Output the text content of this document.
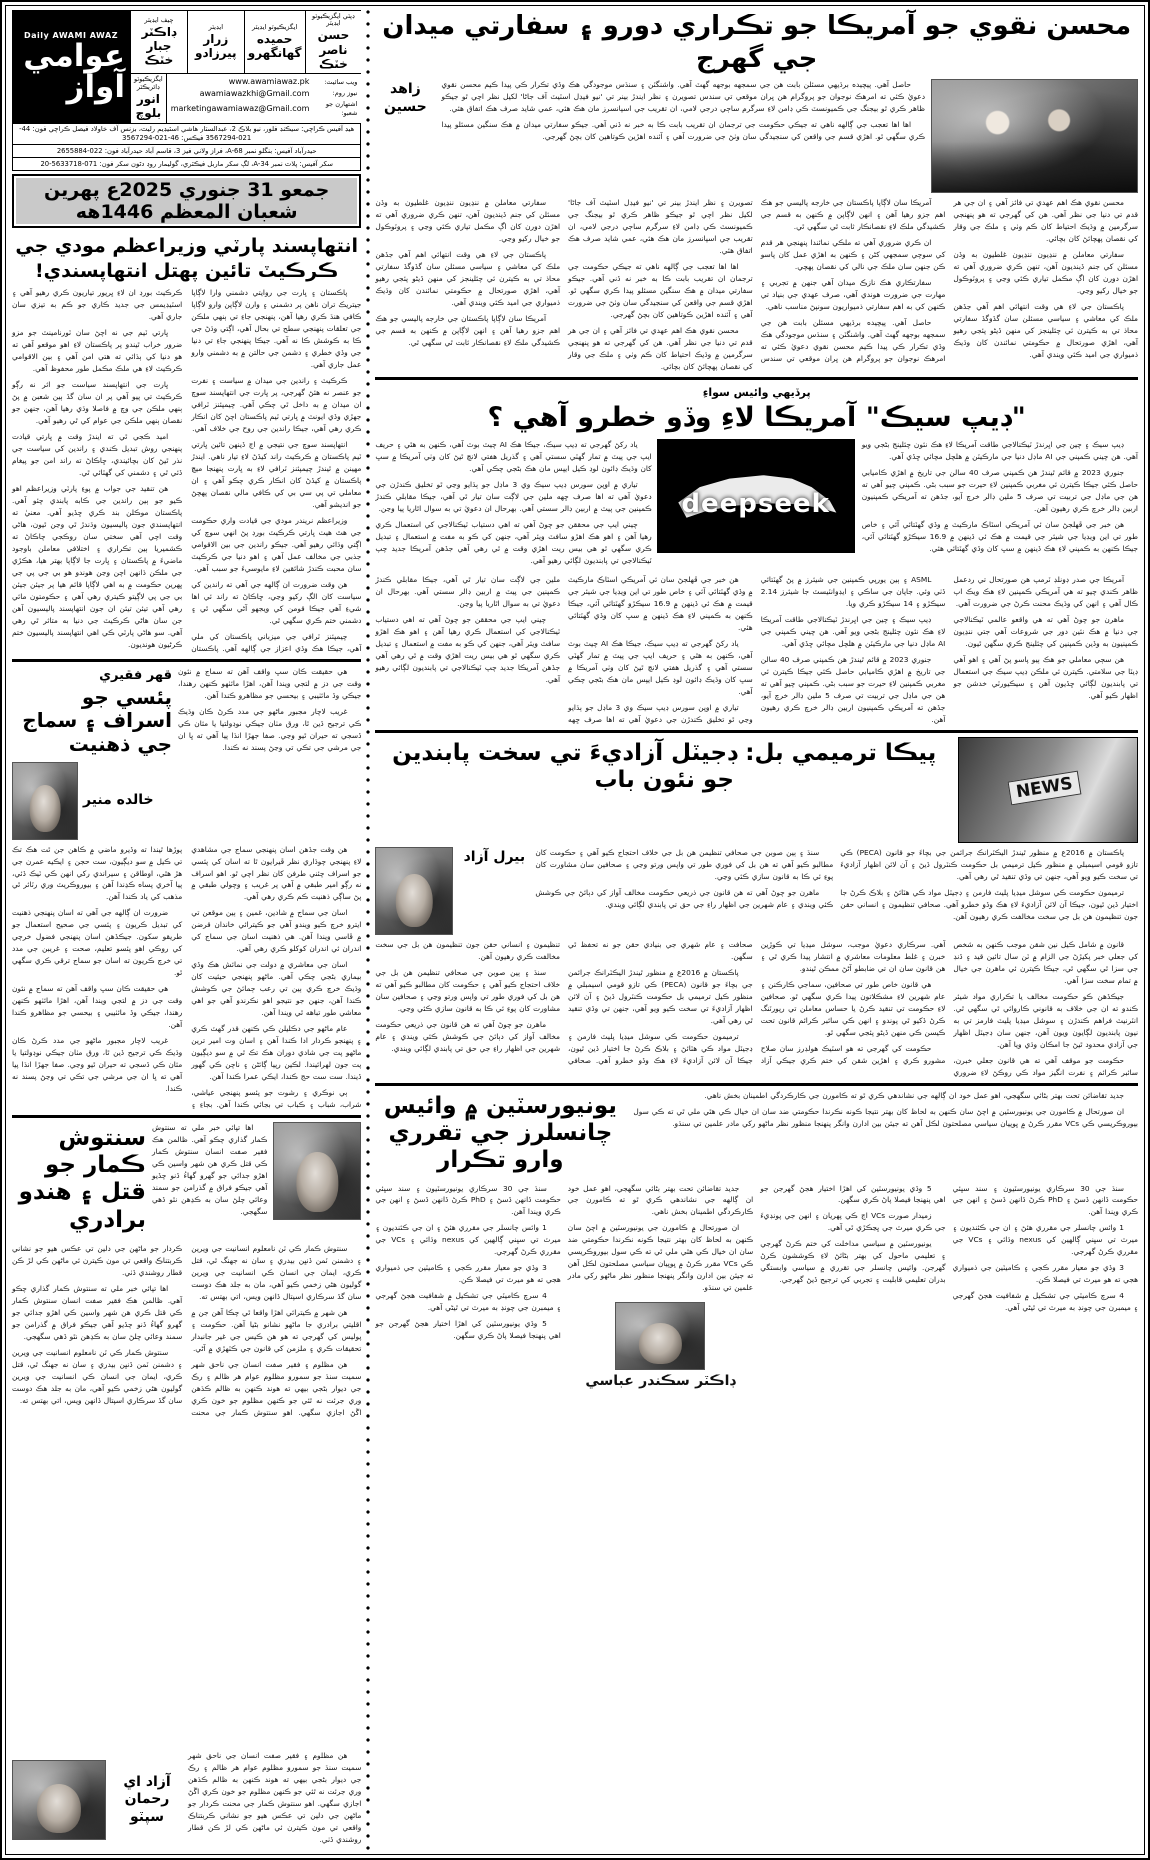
محسن نقوي جو آمريڪا جو تڪراري دورو ۽ سفارتي ميدان جي گهرج

حاصل آهي. پيچيده برڌيهي مسئلن بابت هن جي سمجهه بوجهه گهٽ آهي. واشنگٽن ۽ سنڌس موجودگي هڪ وڏي تڪرار ڪي پيدا ڪيم محسن نقوي دعويٰ ڪئي ته امرهڪ نوجوان جو پروگرام هن ڀران موقعي تي سندس تصويرن ۽ نظر ايندڙ بينر تي 'نيو فيڊل اسٽيٽ آف جاڻا' لکيل نظر اچي ٿو جيڪو ظاهر ڪري ٿو بيجنگ جي ڪميونسٽ ڪي ڊامن لاءِ سرگرم ساڄي درجي لامي، ان تقريب جي اسپانسرز مان هڪ هئي، عمي شايد صرف هڪ اتفاق هئي.

اها اها تعجب جي ڳالهه ناهي ته جيڪي حڪومت جي ترجمان ان تقريب بابت ڪا به خبر نه ڏني آهي. جيڪو سفارتي ميدان ۾ هڪ سنگين مسئلو پيدا ڪري سگهي ٿو. اهڙي قسم جي واقعن کي سنجيدگي سان وٺڻ جي ضرورت آهي ۽ آئنده اهڙين ڪوتاهين کان بچڻ گهرجي.

زاهد حسين

محسن نقوي هڪ اهم عهدي تي فائز آهي ۽ ان جي هر قدم تي دنيا جي نظر آهي. هن کي گهرجي ته هو پنهنجي سرگرمين ۾ وڌيڪ احتياط کان ڪم وٺي ۽ ملڪ جي وقار کي نقصان پهچائڻ کان بچائي.

سفارتي معاملن ۾ ننڍيون ننڍيون غلطيون به وڏن مسئلن کي جنم ڏينديون آهن، تنهن ڪري ضروري آهي ته اهڙن دورن کان اڳ مڪمل تياري ڪئي وڃي ۽ پروٽوڪول جو خيال رکيو وڃي.

پاڪستان جي لاءِ هي وقت انتهائي اهم آهي جڏهن ملڪ کي معاشي ۽ سياسي مسئلن سان گڏوگڏ سفارتي محاذ تي به ڪيترن ئي چئلينجز کي منهن ڏيڻو پئجي رهيو آهي، اهڙي صورتحال ۾ حڪومتي نمائندن کان وڌيڪ ذميواري جي اميد ڪئي ويندي آهي.

آمريڪا سان لاڳاپا پاڪستان جي خارجه پاليسي جو هڪ اهم جزو رهيا آهن ۽ انهن لاڳاپن ۾ ڪنهن به قسم جي ڪشيدگي ملڪ لاءِ نقصانڪار ثابت ٿي سگهي ٿي.

ان ڪري ضروري آهي ته ملڪي نمائندا پنهنجي هر قدم کي سوچي سمجهي کڻن ۽ ڪنهن به اهڙي عمل کان پاسو ڪن جنهن سان ملڪ جي نالي کي نقصان پهچي.

سفارتڪاري هڪ نازڪ ميدان آهي جنهن ۾ تجربي ۽ مهارت جي ضرورت هوندي آهي، صرف عهدي جي بنياد تي ڪنهن کي به اهم سفارتي ذميواريون سونپڻ مناسب ناهي.

حاصل آهي. پيچيده برڌيهي مسئلن بابت هن جي سمجهه بوجهه گهٽ آهي. واشنگٽن ۽ سنڌس موجودگي هڪ وڏي تڪرار ڪي پيدا ڪيم محسن نقوي دعويٰ ڪئي ته امرهڪ نوجوان جو پروگرام هن ڀران موقعي تي سندس تصويرن ۽ نظر ايندڙ بينر تي 'نيو فيڊل اسٽيٽ آف جاڻا' لکيل نظر اچي ٿو جيڪو ظاهر ڪري ٿو بيجنگ جي ڪميونسٽ ڪي ڊامن لاءِ سرگرم ساڄي درجي لامي، ان تقريب جي اسپانسرز مان هڪ هئي، عمي شايد صرف هڪ اتفاق هئي.

اها اها تعجب جي ڳالهه ناهي ته جيڪي حڪومت جي ترجمان ان تقريب بابت ڪا به خبر نه ڏني آهي. جيڪو سفارتي ميدان ۾ هڪ سنگين مسئلو پيدا ڪري سگهي ٿو. اهڙي قسم جي واقعن کي سنجيدگي سان وٺڻ جي ضرورت آهي ۽ آئنده اهڙين ڪوتاهين کان بچڻ گهرجي.

محسن نقوي هڪ اهم عهدي تي فائز آهي ۽ ان جي هر قدم تي دنيا جي نظر آهي. هن کي گهرجي ته هو پنهنجي سرگرمين ۾ وڌيڪ احتياط کان ڪم وٺي ۽ ملڪ جي وقار کي نقصان پهچائڻ کان بچائي.

سفارتي معاملن ۾ ننڍيون ننڍيون غلطيون به وڏن مسئلن کي جنم ڏينديون آهن، تنهن ڪري ضروري آهي ته اهڙن دورن کان اڳ مڪمل تياري ڪئي وڃي ۽ پروٽوڪول جو خيال رکيو وڃي.

پاڪستان جي لاءِ هي وقت انتهائي اهم آهي جڏهن ملڪ کي معاشي ۽ سياسي مسئلن سان گڏوگڏ سفارتي محاذ تي به ڪيترن ئي چئلينجز کي منهن ڏيڻو پئجي رهيو آهي، اهڙي صورتحال ۾ حڪومتي نمائندن کان وڌيڪ ذميواري جي اميد ڪئي ويندي آهي.

آمريڪا سان لاڳاپا پاڪستان جي خارجه پاليسي جو هڪ اهم جزو رهيا آهن ۽ انهن لاڳاپن ۾ ڪنهن به قسم جي ڪشيدگي ملڪ لاءِ نقصانڪار ثابت ٿي سگهي ٿي.

پرڏيهي وائيس سواءِ
"ڊيپ سيڪ" آمريڪا لاءِ وڏو خطرو آهي ؟

ڊيپ سيڪ ۽ چين جي اڀرندڙ ٽيڪنالاجي طاقت آمريڪا لاءِ هڪ نئون چئلينج بڻجي ويو آهي. هن چيني ڪمپني جي AI ماڊل دنيا جي مارڪيٽن ۾ هلچل مچائي ڇڏي آهي.

جنوري 2023 ۾ قائم ٿيندڙ هن ڪمپني صرف 40 سالن جي تاريخ ۾ اهڙي ڪاميابي حاصل ڪئي جيڪا ڪيترن ئي مغربي ڪمپنين لاءِ حيرت جو سبب بڻي. ڪمپني چيو آهي ته هن جي ماڊل جي تربيت تي صرف 5 ملين ڊالر خرچ آيو، جڏهن ته آمريڪي ڪمپنيون اربين ڊالر خرچ ڪري رهيون آهن.

هن خبر جي ڦهلجڻ سان ئي آمريڪي اسٽاڪ مارڪيٽ ۾ وڏي گهٽتائي آئي ۽ خاص طور تي اين ويڊيا جي شيئر جي قيمت ۾ هڪ ئي ڏينهن ۾ 16.9 سيڪڙو گهٽتائي آئي، جيڪا ڪنهن به ڪمپني لاءِ هڪ ڏينهن ۾ سڀ کان وڏي گهٽتائي هئي.

deepseek

ياد رکڻ گهرجي ته ڊيپ سيڪ، جيڪا هڪ AI چيٽ بوٽ آهي، ڪنهن به هٿي ۽ حريف ايپ جي پيٽ ۾ تمار گهٽي سستي آهي ۽ گذريل هفتي لانچ ٿيڻ کان وٺي آمريڪا ۾ سڀ کان وڌيڪ ڊائون لوڊ ڪيل ايپس مان هڪ بڻجي چڪي آهي.

تياري ۾ اوپن سورس ڊيپ سيڪ وي 3 ماڊل جو ٻڌايو وڃي ٿو تخليق ڪندڙن جي دعويٰ آهي ته اها صرف ڇهه ملين جي لاڳت سان تيار ٿي آهي، جيڪا مقابلي ڪندڙ ڪمپنين جي پيٽ ۾ اربين ڊالر سستي آهي. بهرحال ان دعويٰ تي به سوال اٿاريا پيا وڃن.

چيني ايپ جي محققن جو چوڻ آهي ته اهي دستياب ٽيڪنالاجي کي استعمال ڪري رهيا آهن ۽ اهو هڪ اهڙو سافٽ ويئر آهي، جنهن کي ڪو به مفت ۾ استعمال ۽ تبديل ڪري سگهي ٿو هي بيس ريت اهڙي وقت ۾ ٿي رهي آهي جڏهن آمريڪا جديد چپ ٽيڪنالاجي تي پابنديون لڳائي رهيو آهي.

آمريڪا جي صدر ڊونلڊ ٽرمپ هن صورتحال تي ردعمل ظاهر ڪندي چيو ته هي آمريڪي ڪمپنين لاءِ هڪ ويڪ اپ ڪال آهي ۽ انهن کي وڌيڪ محنت ڪرڻ جي ضرورت آهي.

ماهرن جو چوڻ آهي ته هي واقعو عالمي ٽيڪنالاجي جي دنيا ۾ هڪ نئين دور جي شروعات آهي جتي ننڍيون ڪمپنيون به وڏين ڪمپنين کي چئلينج ڪري سگهن ٿيون.

هن سڄي معاملي جو هڪ ٻيو پاسو پڻ آهي ۽ اهو آهي ڊيٽا جي سلامتي. ڪيترن ئي ملڪن ڊيپ سيڪ جي استعمال تي پابنديون لڳائي ڇڏيون آهن ۽ سيڪيورٽي خدشن جو اظهار ڪيو آهي.

ASML ۽ ٻين يورپي ڪمپنين جي شيئرز ۾ پڻ گهٽتائي ڏٺي وئي. جاپان جي ساڪي ۽ ايڊوانٽيسٽ جا شيئرز 2.14 سيڪڙو ۽ 14 سيڪڙو ڪري ويا.

ڊيپ سيڪ ۽ چين جي اڀرندڙ ٽيڪنالاجي طاقت آمريڪا لاءِ هڪ نئون چئلينج بڻجي ويو آهي. هن چيني ڪمپني جي AI ماڊل دنيا جي مارڪيٽن ۾ هلچل مچائي ڇڏي آهي.

جنوري 2023 ۾ قائم ٿيندڙ هن ڪمپني صرف 40 سالن جي تاريخ ۾ اهڙي ڪاميابي حاصل ڪئي جيڪا ڪيترن ئي مغربي ڪمپنين لاءِ حيرت جو سبب بڻي. ڪمپني چيو آهي ته هن جي ماڊل جي تربيت تي صرف 5 ملين ڊالر خرچ آيو، جڏهن ته آمريڪي ڪمپنيون اربين ڊالر خرچ ڪري رهيون آهن.

هن خبر جي ڦهلجڻ سان ئي آمريڪي اسٽاڪ مارڪيٽ ۾ وڏي گهٽتائي آئي ۽ خاص طور تي اين ويڊيا جي شيئر جي قيمت ۾ هڪ ئي ڏينهن ۾ 16.9 سيڪڙو گهٽتائي آئي، جيڪا ڪنهن به ڪمپني لاءِ هڪ ڏينهن ۾ سڀ کان وڏي گهٽتائي هئي.

ياد رکڻ گهرجي ته ڊيپ سيڪ، جيڪا هڪ AI چيٽ بوٽ آهي، ڪنهن به هٿي ۽ حريف ايپ جي پيٽ ۾ تمار گهٽي سستي آهي ۽ گذريل هفتي لانچ ٿيڻ کان وٺي آمريڪا ۾ سڀ کان وڌيڪ ڊائون لوڊ ڪيل ايپس مان هڪ بڻجي چڪي آهي.

تياري ۾ اوپن سورس ڊيپ سيڪ وي 3 ماڊل جو ٻڌايو وڃي ٿو تخليق ڪندڙن جي دعويٰ آهي ته اها صرف ڇهه ملين جي لاڳت سان تيار ٿي آهي، جيڪا مقابلي ڪندڙ ڪمپنين جي پيٽ ۾ اربين ڊالر سستي آهي. بهرحال ان دعويٰ تي به سوال اٿاريا پيا وڃن.

چيني ايپ جي محققن جو چوڻ آهي ته اهي دستياب ٽيڪنالاجي کي استعمال ڪري رهيا آهن ۽ اهو هڪ اهڙو سافٽ ويئر آهي، جنهن کي ڪو به مفت ۾ استعمال ۽ تبديل ڪري سگهي ٿو هي بيس ريت اهڙي وقت ۾ ٿي رهي آهي جڏهن آمريڪا جديد چپ ٽيڪنالاجي تي پابنديون لڳائي رهيو آهي.

NEWS
پيڪا ترميمي بل: ڊجيٽل آزاديءَ تي سخت پابندين جو نئون باب

پاڪستان ۾ 2016ع ۾ منظور ٿيندڙ اليڪٽرانڪ جرائمن جي بچاءَ جو قانون (PECA) ڪي تازو قومي اسيمبلي ۾ منظور ڪيل ترميمي بل حڪومت ڪنٽرول ڏيڻ ۽ آن لائن اظهار آزاديءَ تي سخت ڪيو ويو آهي، جنهن تي وڏي تنقيد ٿي رهي آهي.

ترميمون حڪومت ڪي سوشل ميڊيا پليٽ فارمن ۽ ڊجيٽل مواد ڪي هٽائڻ ۽ بلاڪ ڪرڻ جا اختيار ڏين ٿيون، جيڪا آن لائن آزاديءَ لاءِ هڪ وڏو خطرو آهي. صحافي تنظيمون ۽ انساني حقن جون تنظيمون هن بل جي سخت مخالفت ڪري رهيون آهن.

سنڌ ۽ ٻين صوبن جي صحافي تنظيمن هن بل جي خلاف احتجاج ڪيو آهي ۽ حڪومت کان مطالبو ڪيو آهي ته هن بل کي فوري طور تي واپس ورتو وڃي ۽ صحافين سان مشاورت کان پوءِ ئي ڪا به قانون سازي ڪئي وڃي.

ماهرن جو چوڻ آهي ته هن قانون جي ذريعي حڪومت مخالف آواز کي دٻائڻ جي ڪوشش ڪئي ويندي ۽ عام شهرين جي اظهار راءِ جي حق تي پابندي لڳائي ويندي.

بيرل آزاد

قانون ۾ شامل ڪيل نين شقن موجب ڪنهن به شخص کي جعلي خبر پکيڙڻ جي الزام ۾ ٽن سال تائين قيد ۽ ڏنڊ جي سزا ٿي سگهي ٿي، جيڪا ڪيترن ئي ماهرن جي خيال ۾ تمام سخت سزا آهي.

جيڪڏهن ڪو حڪومت مخالف يا تڪراري مواد شيئر ڪندو ته ان جي خلاف به قانوني ڪاروائي ٿي سگهي ٿي. انٽرنيٽ فراهم ڪندڙن ۽ سوشل ميڊيا پليٽ فارمز تي به نيون پابنديون لڳايون ويون آهن، جنهن سان ڊجيٽل اظهار جي آزادي محدود ٿيڻ جا امڪان وڌي ويا آهن.

حڪومت جو موقف آهي ته هي قانون جعلي خبرن، سائبر ڪرائم ۽ نفرت انگيز مواد ڪي روڪڻ لاءِ ضروري آهي. سرڪاري دعويٰ موجب، سوشل ميڊيا تي ڪوڙين خبرن ۽ غلط معلومات معاشري ۾ انتشار پيدا ڪري ٿي ۽ هن قانون سان ان تي ضابطو آڻڻ ممڪن ٿيندو.

هي قانون خاص طور تي صحافين، سماجي ڪارڪنن ۽ عام شهرين لاءِ مشڪلاتون پيدا ڪري سگهي ٿو. صحافين لاءِ حڪومت تي تنقيد ڪرڻ يا حساس معاملن تي رپورٽنگ ڪرڻ ڏکيو ٿي پوندو ۽ انهن ڪي سائبر ڪرائم قانون تحت ڪيسن ڪي منهن ڏيڻو پئجي سگهي ٿو.

حڪومت کي گهرجي ته هو اسٽيڪ هولڊرز سان صلاح مشورو ڪري ۽ اهڙين شقن کي ختم ڪري جيڪي آزاد صحافت ۽ عام شهري جي بنيادي حقن جو نه تحفظ ٿي سگهن.

پاڪستان ۾ 2016ع ۾ منظور ٿيندڙ اليڪٽرانڪ جرائمن جي بچاءَ جو قانون (PECA) ڪي تازو قومي اسيمبلي ۾ منظور ڪيل ترميمي بل حڪومت ڪنٽرول ڏيڻ ۽ آن لائن اظهار آزاديءَ تي سخت ڪيو ويو آهي، جنهن تي وڏي تنقيد ٿي رهي آهي.

ترميمون حڪومت ڪي سوشل ميڊيا پليٽ فارمن ۽ ڊجيٽل مواد ڪي هٽائڻ ۽ بلاڪ ڪرڻ جا اختيار ڏين ٿيون، جيڪا آن لائن آزاديءَ لاءِ هڪ وڏو خطرو آهي. صحافي تنظيمون ۽ انساني حقن جون تنظيمون هن بل جي سخت مخالفت ڪري رهيون آهن.

سنڌ ۽ ٻين صوبن جي صحافي تنظيمن هن بل جي خلاف احتجاج ڪيو آهي ۽ حڪومت کان مطالبو ڪيو آهي ته هن بل کي فوري طور تي واپس ورتو وڃي ۽ صحافين سان مشاورت کان پوءِ ئي ڪا به قانون سازي ڪئي وڃي.

ماهرن جو چوڻ آهي ته هن قانون جي ذريعي حڪومت مخالف آواز کي دٻائڻ جي ڪوشش ڪئي ويندي ۽ عام شهرين جي اظهار راءِ جي حق تي پابندي لڳائي ويندي.

جديد تقاضائن تحت بهتر بڻائي سگهجي، اهو عمل خود ان ڳالهه جي نشاندهي ڪري ٿو ته ڪامورن جي ڪارڪردگي اطمينان بخش ناهي.

ان صورتحال ۾ ڪامورن جي يونيورسٽين ۾ اچڻ سان ڪنهن به لحاظ کان بهتر نتيجا ڪونه نڪرندا حڪومتي ضد سان ان خيال ڪي هٿي ملي ٿي ته ڪي سول بيوروڪريسي ڪي VCs مقرر ڪرڻ ۾ ڀوپيان سياسي مصلحتون لڪل آهن ته جيئن بين ادارن وانگر پنهنجا منظور نظر ماڻهو رکي مادر علمين تي سنڌو.

يونيورسٽين ۾ وائيس چانسلرز جي تقرري وارو تڪرار

سنڌ جي 30 سرڪاري يونيورسٽيون ۽ سند سڀئي حڪومت ڏانهن ڏسڻ ۽ PhD ڪرڻ ڏانهن ڏسڻ ۽ انهن جي ڪري ويندا آهن.

1 وائس چانسلر جي مقرري هئڻ ۽ ان جي ڪئنديون ۽ ميرٽ تي سڀني ڳالهين کي nexus وڌائي ۽ VCs جي مقرري ڪرڻ گهرجي.

3 وڏي جو معيار مقرر ڪجي ۽ ڪاميٽين جي ذميواري هجي ته هو ميرٽ تي فيصلا ڪن.

4 سرچ ڪاميٽي جي تشڪيل ۾ شفافيت هجڻ گهرجي ۽ ميمبرن جي چونڊ به ميرٽ تي ٿيڻي آهي.

5 وڏي يونيورسٽين کي اهڙا اختيار هجڻ گهرجن جو اهي پنهنجا فيصلا پاڻ ڪري سگهن.

زميدار صورت VCs اڄ ڪي پهريان ۽ انهن جي پونڊيءَ جي ڪري ميرٽ جي ڀڃڪڙي ٿي آهي.

يونيورسٽين ۾ سياسي مداخلت کي ختم ڪرڻ گهرجي ۽ تعليمي ماحول کي بهتر بڻائڻ لاءِ ڪوششون ڪرڻ گهرجن. وائيس چانسلر جي تقرري ۾ سياسي وابستگي بدران تعليمي قابليت ۽ تجربي کي ترجيح ڏيڻ گهرجي.

جديد تقاضائن تحت بهتر بڻائي سگهجي، اهو عمل خود ان ڳالهه جي نشاندهي ڪري ٿو ته ڪامورن جي ڪارڪردگي اطمينان بخش ناهي.

ان صورتحال ۾ ڪامورن جي يونيورسٽين ۾ اچڻ سان ڪنهن به لحاظ کان بهتر نتيجا ڪونه نڪرندا حڪومتي ضد سان ان خيال ڪي هٿي ملي ٿي ته ڪي سول بيوروڪريسي ڪي VCs مقرر ڪرڻ ۾ ڀوپيان سياسي مصلحتون لڪل آهن ته جيئن بين ادارن وانگر پنهنجا منظور نظر ماڻهو رکي مادر علمين تي سنڌو.

ڊاڪٽر سڪندر عباسي

سنڌ جي 30 سرڪاري يونيورسٽيون ۽ سند سڀئي حڪومت ڏانهن ڏسڻ ۽ PhD ڪرڻ ڏانهن ڏسڻ ۽ انهن جي ڪري ويندا آهن.

1 وائس چانسلر جي مقرري هئڻ ۽ ان جي ڪئنديون ۽ ميرٽ تي سڀني ڳالهين کي nexus وڌائي ۽ VCs جي مقرري ڪرڻ گهرجي.

3 وڏي جو معيار مقرر ڪجي ۽ ڪاميٽين جي ذميواري هجي ته هو ميرٽ تي فيصلا ڪن.

4 سرچ ڪاميٽي جي تشڪيل ۾ شفافيت هجڻ گهرجي ۽ ميمبرن جي چونڊ به ميرٽ تي ٿيڻي آهي.

5 وڏي يونيورسٽين کي اهڙا اختيار هجڻ گهرجن جو اهي پنهنجا فيصلا پاڻ ڪري سگهن.

ڊپٽي ايگزيڪيوٽو ايڊيٽر
حسن ناصر خٽڪ
ايگزيڪيوٽو ايڊيٽر
حميده گهانگهرو
ايڊيٽر
زرار پيرزادو
چيف ايڊيٽر
ڊاڪٽر جبار خٽڪ
ويب سائيٽ:
www.awamiawaz.pk
نيوز روم:
awamiawazkhi@Gmail.com
اشتهارن جو شعبو:
marketingawamiawaz@Gmail.com
ايگزيڪيوٽو ڊائريڪٽر
انور بلوچ
Daily AWAMI AWAZ
عوامي آواز
هيڊ آفيس ڪراچي: سيڪنڊ فلور، نيو بلاڪ 2، عبدالستار هاشي اسٽيڊيم رليٽ، بزنس آف خاولاد فيصل ڪراچي فون: 44-021-3567294 فيڪس: 46-021-3567294
حيدرآباد آفيس: بنگلو نمبر A-68، فراز ولاني فيز 3، قاسم آباد حيدرآباد فون: 022-2655884
سکر آفيس: پلاٽ نمبر A-34، لڳ سکر ماربل فيڪٽري، گوليمار روڊ دٿون سکر فون: 071-5633718-20
جمعو 31 جنوري 2025ع پهرين شعبان المعظم 1446هه
انتهاپسند پارٽي وزيراعظم مودي جي ڪرڪيٽ تائين پهتل انتهاپسندي!

پاڪستان ۽ ڀارت جي روايتي دشمني وارا لاڳاپا جيتريڪ تران ناهن پر دشمني ۽ وارن لاڳاپن وارو لاڳاپا ڪافي هنڌ ڪري رهيا آهن، پنهنجي جاءِ تي ٻنهي ملڪن جي تعلقات پنهنجي سطح تي بحال آهي، اڳتي وڌڻ جي ڪا به ڪوشش ڪا نه آهي. جيڪا پنهنجي جاءِ تي دنيا جي وڏي خطري ۽ دشمن جي حالتن ۾ به دشمني وارو عمل جاري آهي.

ڪرڪيٽ ۽ راندين جي ميدان ۾ سياست ۽ نفرت جو عنصر نه هئڻ گهرجي، پر ڀارت جي انتهاپسند سوچ ان ميدان ۾ به داخل ٿي چڪي آهي. چيمپئنز ٽرافي جهڙي وڏي ايونٽ ۾ ڀارتي ٽيم پاڪستان اچڻ کان انڪار ڪري رهي آهي، جيڪا راندين جي روح جي خلاف آهي.

انتهاپسند سوچ جي نتيجي ۾ اڄ ڏينهن تائين ڀارتي ٽيم پاڪستان ۾ ڪرڪيٽ راند کيڏڻ لاءِ تيار ناهي. ايندڙ مهينن ۾ ٿيندڙ چيمپئنز ٽرافي لاءِ به ڀارت پنهنجا ميچ پاڪستان ۾ کيڏڻ کان انڪار ڪري چڪو آهي ۽ ان معاملي تي پي سي بي کي ڪافي مالي نقصان پهچڻ جو انديشو آهي.

وزيراعظم نريندر مودي جي قيادت واري حڪومت جي هٿ هيٺ ڀارتي ڪرڪيٽ بورڊ پڻ انهي سوچ کي اڳتي وڌائي رهيو آهي. جيڪو راندين جي بين الاقوامي جذبي جي مخالف عمل آهي ۽ اهو دنيا جي ڪرڪيٽ سان محبت ڪندڙ شائقين لاءِ مايوسيءَ جو سبب آهي.

هن وقت ضرورت ان ڳالهه جي آهي ته راندين کي سياست کان الڳ رکيو وڃي، ڇاڪاڻ ته راند ئي اها شيءِ آهي جيڪا قومن کي ويجهو آڻي سگهي ٿي ۽ دشمني ختم ڪري سگهي ٿي.

چيمپئنز ٽرافي جي ميزباني پاڪستان کي ملي آهي، جيڪا هڪ وڏي اعزاز جي ڳالهه آهي. پاڪستان ڪرڪيٽ بورڊ ان لاءِ ڀرپور تياريون ڪري رهيو آهي ۽ اسٽيڊيمس جي جديد ڪاري جو ڪم به تيزي سان جاري آهي.

ڀارتي ٽيم جي نه اچڻ سان ٽورنامينٽ جو مزو ضرور خراب ٿيندو پر پاڪستان لاءِ اهو موقعو آهي ته هو دنيا کي ٻڌائي ته هتي امن آهي ۽ بين الاقوامي ڪرڪيٽ لاءِ هي ملڪ مڪمل طور محفوظ آهي.

ڀارت جي انتهاپسند سياست جو اثر نه رڳو ڪرڪيٽ تي پيو آهي پر ان سان گڏ ٻين شعبن ۾ پڻ ٻنهي ملڪن جي وچ ۾ فاصلا وڌي رهيا آهن، جنهن جو نقصان ٻنهي ملڪن جي عوام کي ٿي رهيو آهي.

اميد ڪجي ٿي ته ايندڙ وقت ۾ ڀارتي قيادت پنهنجي روش تبديل ڪندي ۽ راندين کي سياست جي نذر ٿيڻ کان بچائيندي، ڇاڪاڻ ته راند امن جو پيغام ڏئي ٿي ۽ دشمني کي گهٽائي ٿي.

هن تنقيد جي جواب ۾ پوءِ پارٽي وزيراعظم اهو ڪيو جو ٻين راندين جي ڪابه پابندي چئو آهي. پاڪستان موڪلن بند ڪري ڇڏيو آهي. معنيٰ ته انتهاپسندي جون پاليسيون وڌندڙ ٿي وڃن ٿيون، هاڻي وقت اچي آهي سختي سان روڪجي چاڪاڻ ته ڪشميريا ٻين تڪراري ۽ اختلافي معاملن باوجود ماضيءَ ۾ پاڪستان ۽ ڀارت جا لاڳاپا بهتر هيا، هڪڙي جي ملڪن ڌانهن اچن وڃن هوندو هو بي جي پي جي ڀهرين حڪومت ۾ به اهي لاڳاپا قائم هيا پر جيئن جيئن بي جي پي لاڳيتو ڪيتري رهي آهي ۽ حڪومتون مائي رهي آهي تيئن تيئن ان جون انتهاپسند پاليسيون آهن جن سان هاڻي ڪرڪيٽ جي دنيا به متاثر ٿي رهي آهي. سو هاڻي پارٽي ڪي اهي انتهاپسند پاليسيون ختم ڪرڻيون هونديون.

هي حقيقت ڪان سڀ واقف آهن ته سماج ۾ نئون وقت جي دز ۾ لتجي ويندا آهن، اهڙا مائٺهو ڪنهن رهندا، جيڪي وڏ مائٺيبي ۽ بيحسي جو مظاهرو ڪندا آهن.

غريب لاچار مجبور ماڻهو جي مدد ڪرڻ ڪان وڌيڪ ڪي ترجيح ڏين ٿا، ورق مٺان جيڪي نوڊولتيا يا مثان ڪي ڏسجي ته حيران ٿيو وڃي. صفا جهڙا انڌا پيا آهي ته ڀا ان جي مرشي جي تڪي تي وڃڻ پسند نه ڪندا.

قهر فقيري
پئسي جو اسراف ۽ سماج جي ذهنيت
خالده منير

هن وقت جڏهن اسان پنهنجي سماج جي مشاهدي لاءِ پنهنجي چوڌاري نظر ڦيرايون ٿا ته اسان کي پئسي جو اسراف چئني طرفن کان نظر اچي ٿو. اهو اسراف نه رڳو امير طبقي ۾ آهي پر غريب ۽ وچولي طبقي ۾ پڻ ساڳي ذهنيت ڪم ڪري رهي آهي.

اسان جي سماج ۾ شادين، غمين ۽ ٻين موقعن تي ايترو خرچ ڪيو ويندو آهي جو ڪيترائي خاندان قرضن ۾ ڦاسي ويندا آهن. هي ذهنيت اسان جي سماج کي اندران ئي اندران کوکلو ڪري رهي آهي.

اسان جي معاشري ۾ دولت جي نمائش هڪ وڏي بيماري بڻجي چڪي آهي. ماڻهو پنهنجي حيثيت کان وڌيڪ خرچ ڪري ٻين تي رعب ڄمائڻ جي ڪوشش ڪندا آهن، جنهن جو نتيجو اهو نڪرندو آهي جو اهي معاشي طور تباهه ٿي ويندا آهن.

عام ماڻهو جي دڪليلن ڪي ڪنهن قدر گهٽ ڪري ۽ پنهنجو ڪردار ادا ڪندا آهن ۽ اسان وت امير ترين ماڻهو پت جي شادي دوران هڪ تڪ ٿي ۾ سو ديڳيون پت جون لهرائيندا. لڪين رپيا ڳائڻن ۽ ناچن ڪي گهور ڏيندا. ست ست حج ڪندا، ايڪي عمرا ڪندا آهن.

ٻي نوڪري ۽ رشوت جو پئسو پنهنجي عياشي، شراب، شباب ۽ ڪباب تي بجائي ڪندا آهن. بجاءِ ۽ پوڙها ٿيندا ته وڏيرو ماضي ۾ ڪاهن جن ٿت هڪ تڪ تي ڪيل ۾ سو ديڳيون، ست حجن ۽ ايڪيه عمرن جي هڙ هٿي، اوطاقن ۽ سيراندي رکي انهن ڪي ٽيڪ ڏئي، پيا آخري پساه ڪڍندا آهن ۽ بيوروڪريٽ وري رٽائر ٿي مذهب کي ياد ڪندا آهن.

ضرورت ان ڳالهه جي آهي ته اسان پنهنجي ذهنيت کي تبديل ڪريون ۽ پئسي جي صحيح استعمال جو طريقو سکون. جيڪڏهن اسان پنهنجي فضول خرچي کي روڪي اهو پئسو تعليم، صحت ۽ غريبن جي مدد تي خرچ ڪريون ته اسان جو سماج ترقي ڪري سگهي ٿو.

هي حقيقت ڪان سڀ واقف آهن ته سماج ۾ نئون وقت جي دز ۾ لتجي ويندا آهن، اهڙا مائٺهو ڪنهن رهندا، جيڪي وڏ مائٺيبي ۽ بيحسي جو مظاهرو ڪندا آهن.

غريب لاچار مجبور ماڻهو جي مدد ڪرڻ ڪان وڌيڪ ڪي ترجيح ڏين ٿا، ورق مٺان جيڪي نوڊولتيا يا مثان ڪي ڏسجي ته حيران ٿيو وڃي. صفا جهڙا انڌا پيا آهي ته ڀا ان جي مرشي جي تڪي تي وڃڻ پسند نه ڪندا.

اها تپائي خبر ملي ته سنتوش ڪمار گذاري چڪو آهي. ظالمن هڪ فقير صفت انسان سنتوش ڪمار ڪي قتل ڪري هن شهر واسين ڪي اهڙو جدائي جو گهرو گهاءُ ڏنو چڏيو آهي جيڪو فراق ۾ گذرامن جو سمند وعائي چلڻ سان به ڪڍهن نٿو ڏهي سگهجي.

سنتوش ڪمار جو قتل ۽ هندو برادري

سنتوش ڪمار ڪي ٽن نامعلوم انسانيت جي ويرين ۽ دشمنن ٽمن ڏنڀن بيدري ۽ سان نه جهنگ ٿي، قتل ڪري، ايمان جي انسان ڪي انسانيت جي ويرين گوليون هڻي زخمي ڪيو آهي، مان به جلد هڪ دوست سان گڏ سرڪاري اسپتال ڏانهن ويس، اتي بهتس ته.

هن شهر ۾ ڪيترائي اهڙا واقعا ٿي چڪا آهن جن ۾ اقليتي برادري جا ماڻهو نشانو بڻيا آهن. حڪومت ۽ پوليس کي گهرجي ته هو هن ڪيس جي غير جانبدار تحقيقات ڪري ۽ ملزمن کي قانون جي ڪٽهڙي ۾ آڻي.

هن مظلوم ۽ فقير صفت انسان جي ناحق شهر سميت سنڌ جو سمورو مظلوم عوام هر ظالم ۽ رڪ جي ديوار بڻجي بيهي ته هوند ڪنهن به ظالم ڪڌهن وري جرئت نه ٿئي جو ڪنهن مظلوم جو خون ڪري اڱڻ اجازي سگهي. اهو سنتوش ڪمار جي محنت ڪردار جو ماڻهن جي دلين تي عڪس هيو جو نشاني ڪربتناڪ واقعي تي مون ڪيترن ئي ماڻهن ڪي لڙ ڪن قطار روشندي ڏٺي.

اها تپائي خبر ملي ته سنتوش ڪمار گذاري چڪو آهي. ظالمن هڪ فقير صفت انسان سنتوش ڪمار ڪي قتل ڪري هن شهر واسين ڪي اهڙو جدائي جو گهرو گهاءُ ڏنو چڏيو آهي جيڪو فراق ۾ گذرامن جو سمند وعائي چلڻ سان به ڪڍهن نٿو ڏهي سگهجي.

سنتوش ڪمار ڪي ٽن نامعلوم انسانيت جي ويرين ۽ دشمنن ٽمن ڏنڀن بيدري ۽ سان نه جهنگ ٿي، قتل ڪري، ايمان جي انسان ڪي انسانيت جي ويرين گوليون هڻي زخمي ڪيو آهي، مان به جلد هڪ دوست سان گڏ سرڪاري اسپتال ڏانهن ويس، اتي بهتس ته.

هن مظلوم ۽ فقير صفت انسان جي ناحق شهر سميت سنڌ جو سمورو مظلوم عوام هر ظالم ۽ رڪ جي ديوار بڻجي بيهي ته هوند ڪنهن به ظالم ڪڌهن وري جرئت نه ٿئي جو ڪنهن مظلوم جو خون ڪري اڱڻ اجازي سگهي. اهو سنتوش ڪمار جي محنت ڪردار جو ماڻهن جي دلين تي عڪس هيو جو نشاني ڪربتناڪ واقعي تي مون ڪيترن ئي ماڻهن ڪي لڙ ڪن قطار روشندي ڏٺي.

آزاد اي رحمان سپٽو
